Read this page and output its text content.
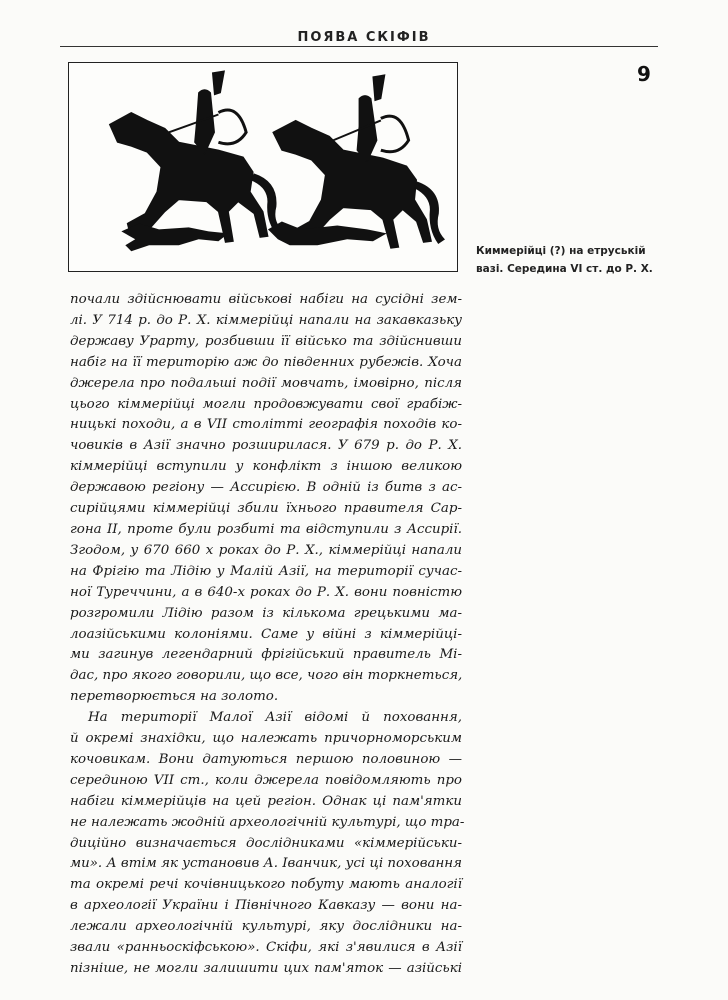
ПОЯВА СКІФІВ
9
Киммерійці (?) на етруській
вазі. Середина VI ст. до Р. Х.
почали здійснювати військові набіги на сусідні зем-
лі. У 714 р. до Р. Х. кіммерійці напали на закавказьку
державу Урарту, розбивши її військо та здійснивши
набіг на її територію аж до південних рубежів. Хоча
джерела про подальші події мовчать, імовірно, після
цього кіммерійці могли продовжувати свої грабіж-
ницькі походи, а в VII столітті географія походів ко-
човиків в Азії значно розширилася. У 679 р. до Р. Х.
кіммерійці вступили у конфлікт з іншою великою
державою регіону — Ассирією. В одній із битв з ас-
сирійцями кіммерійці збили їхнього правителя Сар-
гона II, проте були розбиті та відступили з Ассирії.
Згодом, у 670 660 х роках до Р. Х., кіммерійці напали
на Фрігію та Лідію у Малій Азії, на території сучас-
ної Туреччини, а в 640-х роках до Р. Х. вони повністю
розгромили Лідію разом із кількома грецькими ма-
лоазійськими колоніями. Саме у війні з кіммерійці-
ми загинув легендарний фрігійський правитель Мі-
дас, про якого говорили, що все, чого він торкнеться,
перетворюється на золото.
На території Малої Азії відомі й поховання,
й окремі знахідки, що належать причорноморським
кочовикам. Вони датуються першою половиною —
серединою VII ст., коли джерела повідомляють про
набіги кіммерійців на цей регіон. Однак ці пам'ятки
не належать жодній археологічній культурі, що тра-
диційно визначається дослідниками «кіммерійськи-
ми». А втім як установив А. Іванчик, усі ці поховання
та окремі речі кочівницького побуту мають аналогії
в археології України і Північного Кавказу — вони на-
лежали археологічній культурі, яку дослідники на-
звали «ранньоскіфською». Скіфи, які з'явилися в Азії
пізніше, не могли залишити цих пам'яток — азійські
